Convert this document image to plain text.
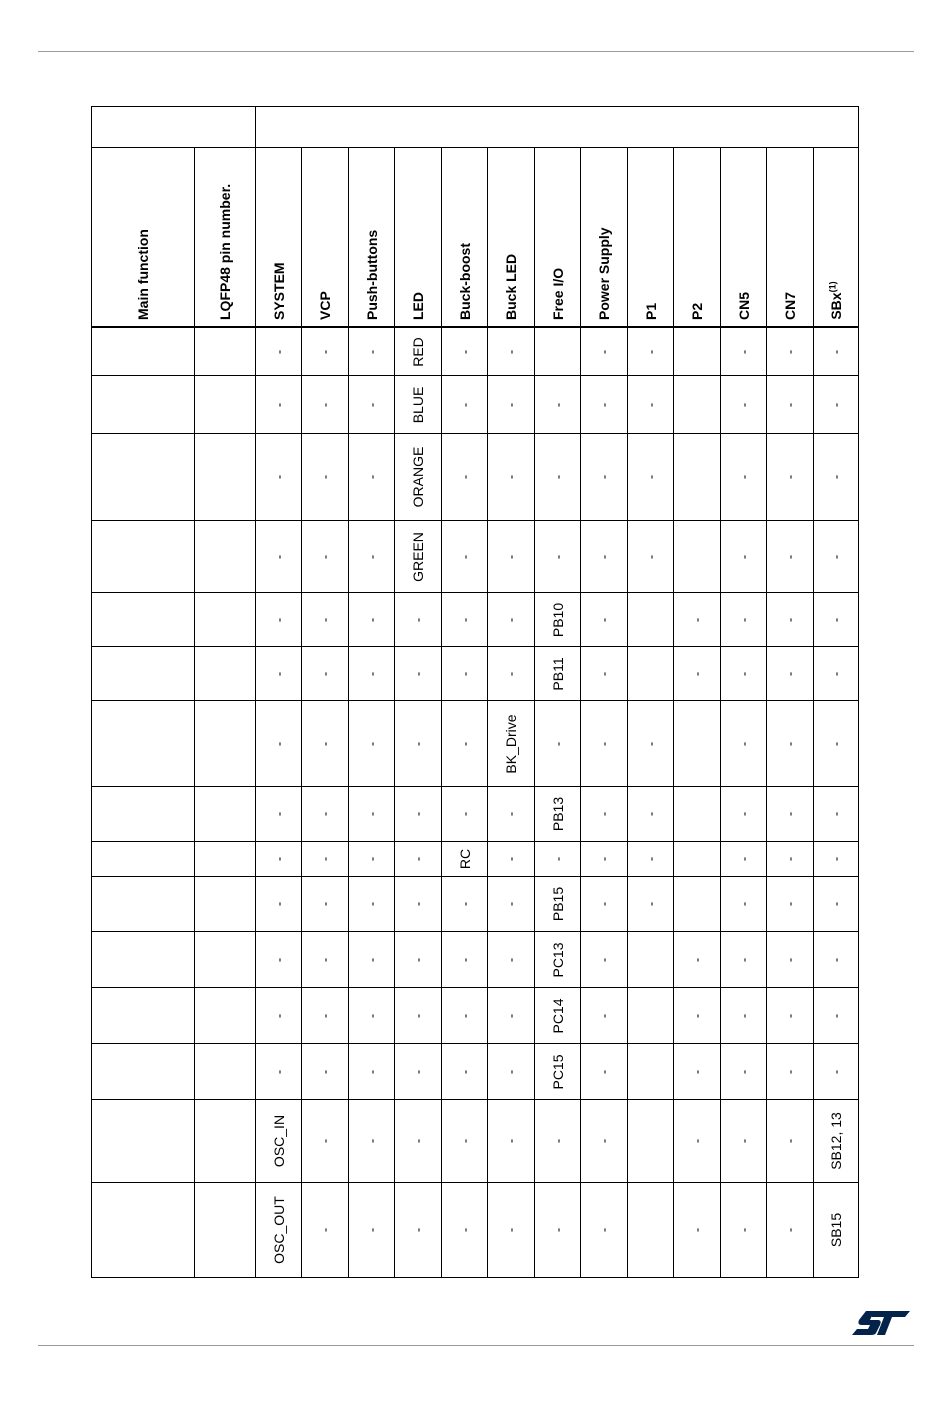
Main function	LQFP48 pin number.	SYSTEM	VCP	Push-buttons	LED	Buck-boost	Buck LED	Free I/O	Power Supply	P1	P2	CN5	CN7	SBx$^{(1)}$

		-	-	-	RED	-	-		-	-		-	-	-

		-	-	-	BLUE	-	-	-	-	-		-	-	-

		-	-	-	ORANGE	-	-	-	-	-		-	-	-

		-	-	-	GREEN	-	-	-	-	-		-	-	-

		-	-	-	-	-	-	PB10	-		-	-	-	-

		-	-	-	-	-	-	PB11	-		-	-	-	-

		-	-	-	-	-	BK_Drive	-	-	-		-	-	-

		-	-	-	-	-	-	PB13	-	-		-	-	-

		-	-	-	-	RC	-	-	-	-		-	-	-

		-	-	-	-	-	-	PB15	-	-		-	-	-

		-	-	-	-	-	-	PC13	-		-	-	-	-

		-	-	-	-	-	-	PC14	-		-	-	-	-

		-	-	-	-	-	-	PC15	-		-	-	-	-

		OSC_IN	-	-	-	-	-	-	-		-	-	-	SB12, 13

		OSC_OUT	-	-	-	-	-	-	-		-	-	-	SB15
ST
